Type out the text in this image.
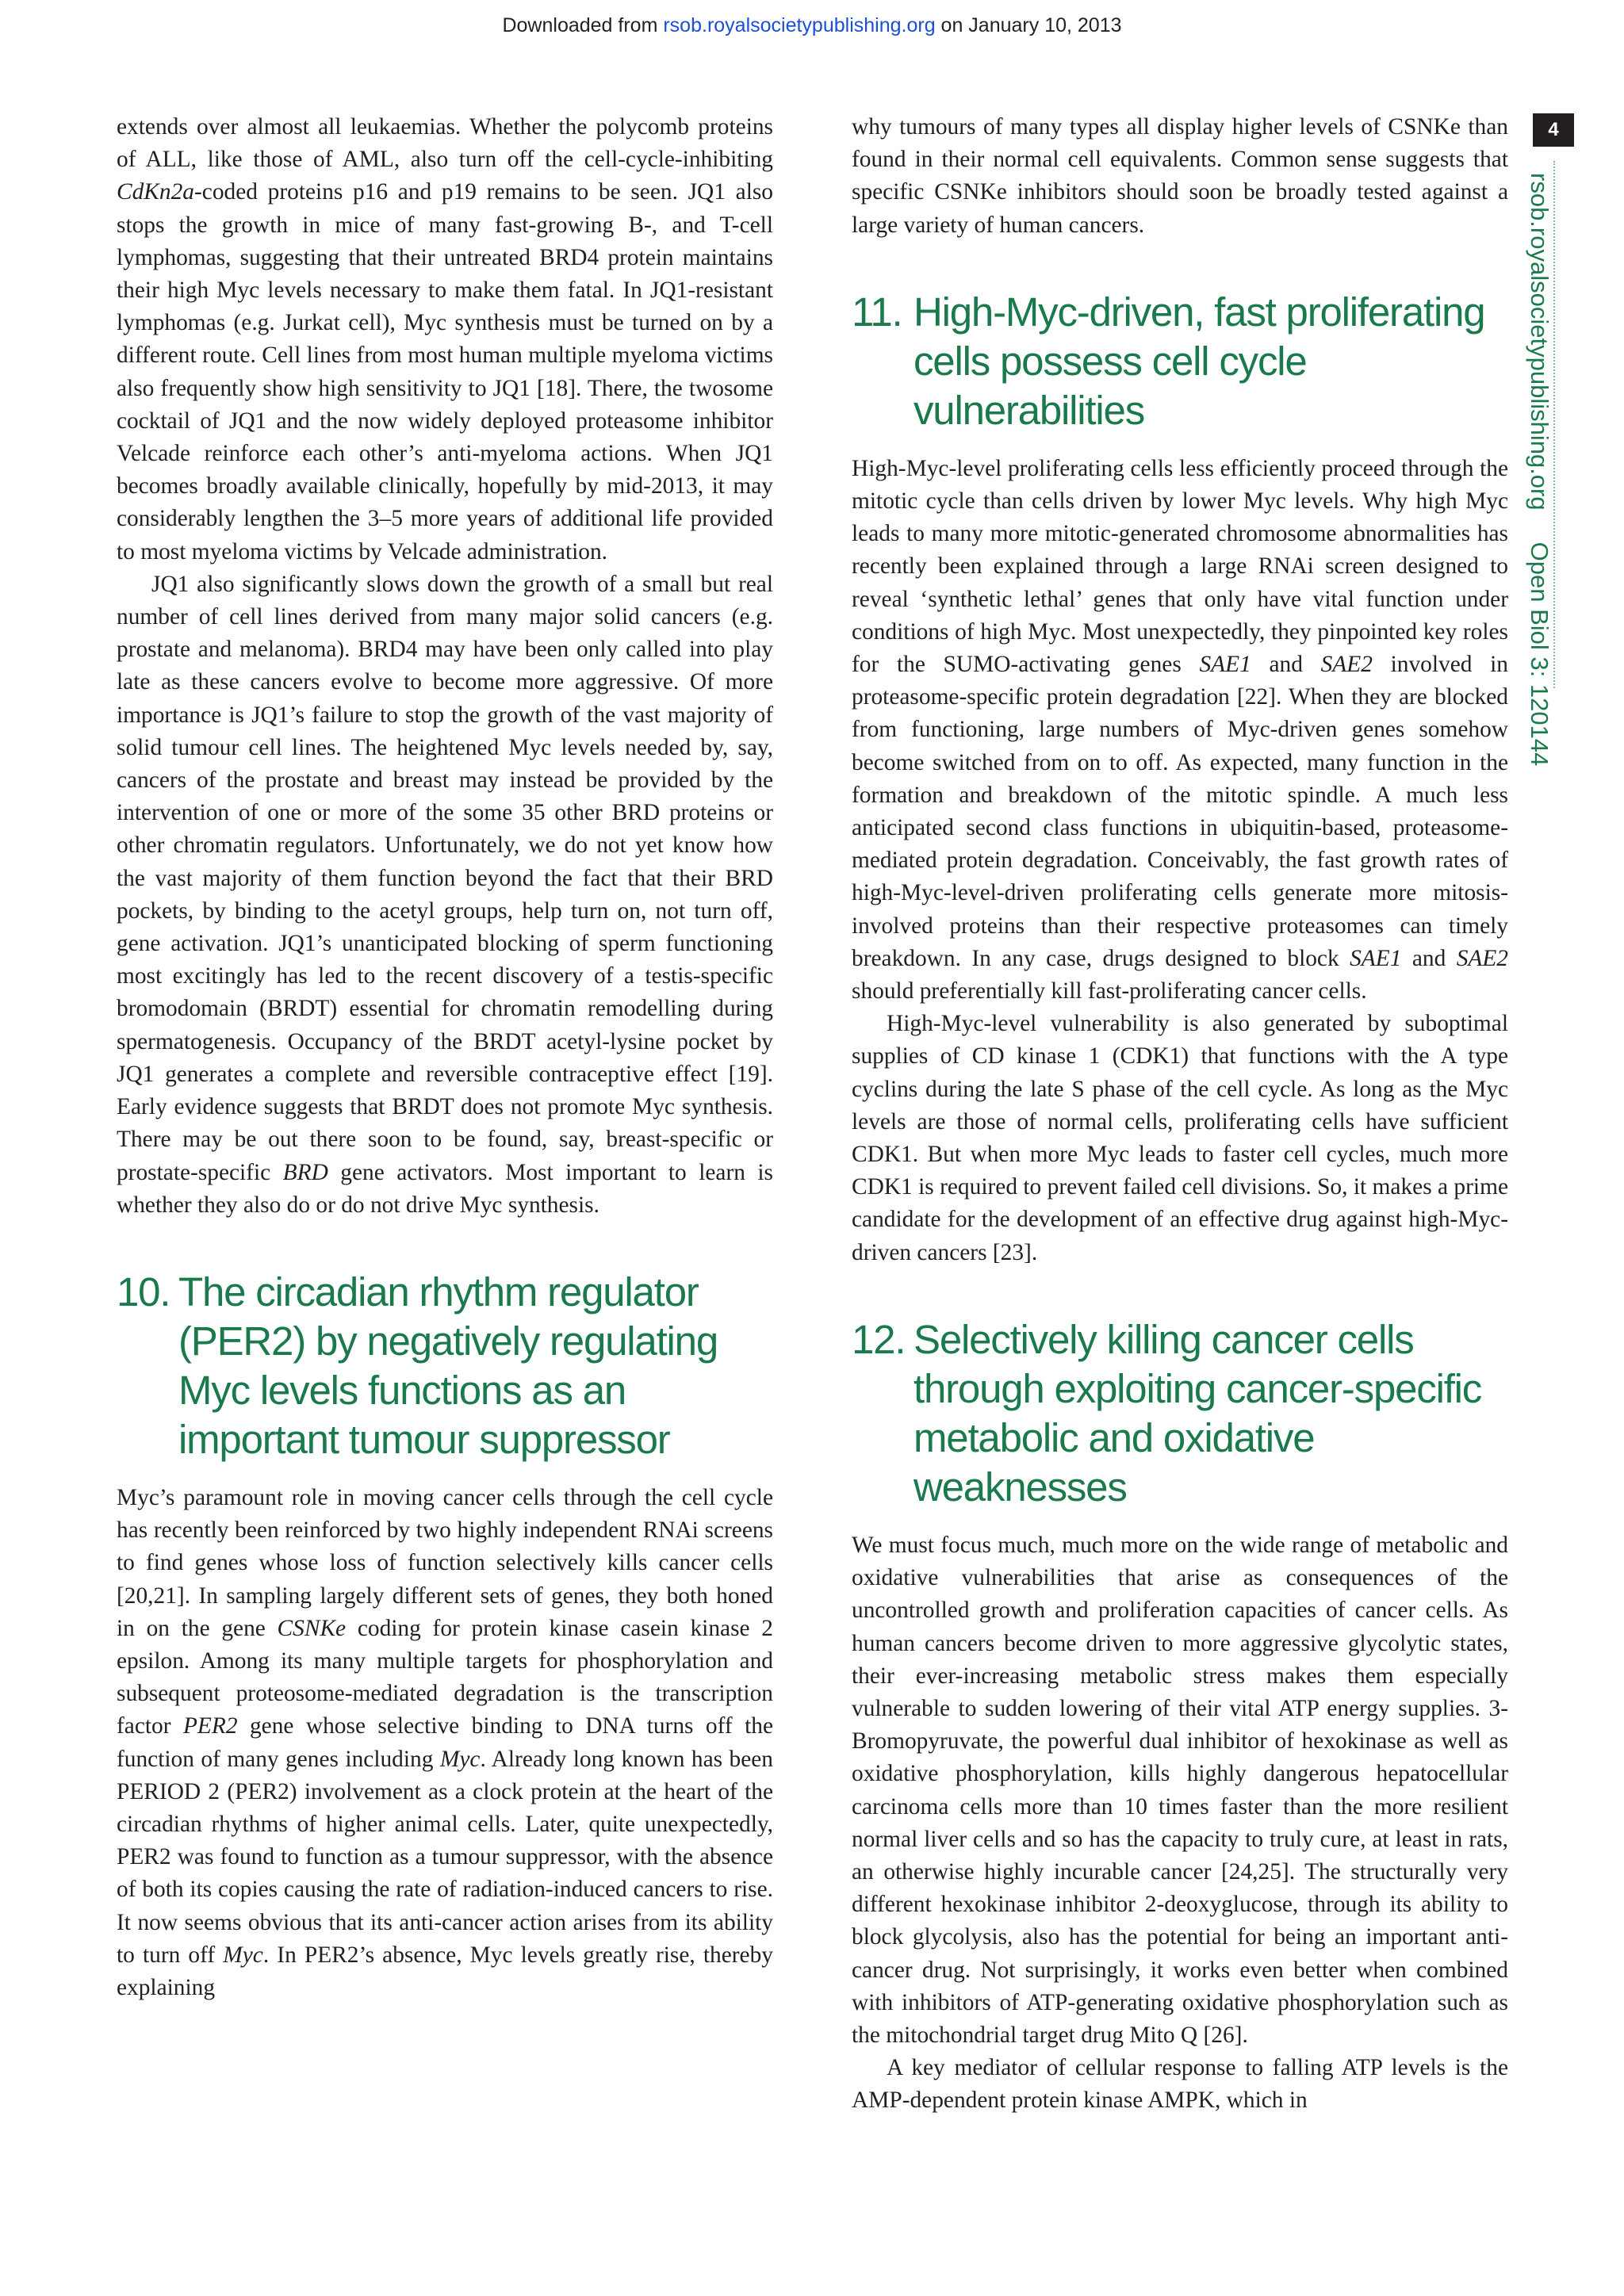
Downloaded from rsob.royalsocietypublishing.org on January 10, 2013
4
rsob.royalsocietypublishing.orgOpen Biol 3: 120144

extends over almost all leukaemias. Whether the polycomb proteins of ALL, like those of AML, also turn off the cell-cycle-inhibiting CdKn2a-coded proteins p16 and p19 remains to be seen. JQ1 also stops the growth in mice of many fast-growing B-, and T-cell lymphomas, suggesting that their untreated BRD4 protein maintains their high Myc levels necessary to make them fatal. In JQ1-resistant lymphomas (e.g. Jurkat cell), Myc synthesis must be turned on by a different route. Cell lines from most human multiple myeloma victims also frequently show high sensitivity to JQ1 [18]. There, the twosome cocktail of JQ1 and the now widely deployed proteasome inhibitor Velcade reinforce each other’s anti-myeloma actions. When JQ1 becomes broadly available clinically, hopefully by mid-2013, it may considerably lengthen the 3–5 more years of additional life provided to most myeloma victims by Velcade administration.

JQ1 also significantly slows down the growth of a small but real number of cell lines derived from many major solid cancers (e.g. prostate and melanoma). BRD4 may have been only called into play late as these cancers evolve to become more aggressive. Of more importance is JQ1’s failure to stop the growth of the vast majority of solid tumour cell lines. The heightened Myc levels needed by, say, cancers of the prostate and breast may instead be provided by the intervention of one or more of the some 35 other BRD proteins or other chromatin regulators. Unfortunately, we do not yet know how the vast majority of them function beyond the fact that their BRD pockets, by binding to the acetyl groups, help turn on, not turn off, gene activation. JQ1’s unanticipated blocking of sperm functioning most excitingly has led to the recent discovery of a testis-specific bromodomain (BRDT) essential for chromatin remodelling during spermatogenesis. Occupancy of the BRDT acetyl-lysine pocket by JQ1 generates a complete and reversible contraceptive effect [19]. Early evidence suggests that BRDT does not promote Myc synthesis. There may be out there soon to be found, say, breast-specific or prostate-specific BRD gene activators. Most important to learn is whether they also do or do not drive Myc synthesis.

10. The circadian rhythm regulator (PER2) by negatively regulating Myc levels functions as an important tumour suppressor

Myc’s paramount role in moving cancer cells through the cell cycle has recently been reinforced by two highly independent RNAi screens to find genes whose loss of function selectively kills cancer cells [20,21]. In sampling largely different sets of genes, they both honed in on the gene CSNKe coding for protein kinase casein kinase 2 epsilon. Among its many multiple targets for phosphorylation and subsequent proteosome-mediated degradation is the transcription factor PER2 gene whose selective binding to DNA turns off the function of many genes including Myc. Already long known has been PERIOD 2 (PER2) involvement as a clock protein at the heart of the circadian rhythms of higher animal cells. Later, quite unexpectedly, PER2 was found to function as a tumour suppressor, with the absence of both its copies causing the rate of radiation-induced cancers to rise. It now seems obvious that its anti-cancer action arises from its ability to turn off Myc. In PER2’s absence, Myc levels greatly rise, thereby explaining

why tumours of many types all display higher levels of CSNKe than found in their normal cell equivalents. Common sense suggests that specific CSNKe inhibitors should soon be broadly tested against a large variety of human cancers.

11. High-Myc-driven, fast proliferating cells possess cell cycle vulnerabilities

High-Myc-level proliferating cells less efficiently proceed through the mitotic cycle than cells driven by lower Myc levels. Why high Myc leads to many more mitotic-generated chromosome abnormalities has recently been explained through a large RNAi screen designed to reveal ‘synthetic lethal’ genes that only have vital function under conditions of high Myc. Most unexpectedly, they pinpointed key roles for the SUMO-activating genes SAE1 and SAE2 involved in proteasome-specific protein degradation [22]. When they are blocked from functioning, large numbers of Myc-driven genes somehow become switched from on to off. As expected, many function in the formation and breakdown of the mitotic spindle. A much less anticipated second class functions in ubiquitin-based, proteasome-mediated protein degradation. Conceivably, the fast growth rates of high-Myc-level-driven proliferating cells generate more mitosis-involved proteins than their respective proteasomes can timely breakdown. In any case, drugs designed to block SAE1 and SAE2 should preferentially kill fast-proliferating cancer cells.

High-Myc-level vulnerability is also generated by suboptimal supplies of CD kinase 1 (CDK1) that functions with the A type cyclins during the late S phase of the cell cycle. As long as the Myc levels are those of normal cells, proliferating cells have sufficient CDK1. But when more Myc leads to faster cell cycles, much more CDK1 is required to prevent failed cell divisions. So, it makes a prime candidate for the development of an effective drug against high-Myc-driven cancers [23].

12. Selectively killing cancer cells through exploiting cancer-specific metabolic and oxidative weaknesses

We must focus much, much more on the wide range of metabolic and oxidative vulnerabilities that arise as consequences of the uncontrolled growth and proliferation capacities of cancer cells. As human cancers become driven to more aggressive glycolytic states, their ever-increasing metabolic stress makes them especially vulnerable to sudden lowering of their vital ATP energy supplies. 3-Bromopyruvate, the powerful dual inhibitor of hexokinase as well as oxidative phosphorylation, kills highly dangerous hepatocellular carcinoma cells more than 10 times faster than the more resilient normal liver cells and so has the capacity to truly cure, at least in rats, an otherwise highly incurable cancer [24,25]. The structurally very different hexokinase inhibitor 2-deoxyglucose, through its ability to block glycolysis, also has the potential for being an important anti-cancer drug. Not surprisingly, it works even better when combined with inhibitors of ATP-generating oxidative phosphorylation such as the mitochondrial target drug Mito Q [26].

A key mediator of cellular response to falling ATP levels is the AMP-dependent protein kinase AMPK, which in
